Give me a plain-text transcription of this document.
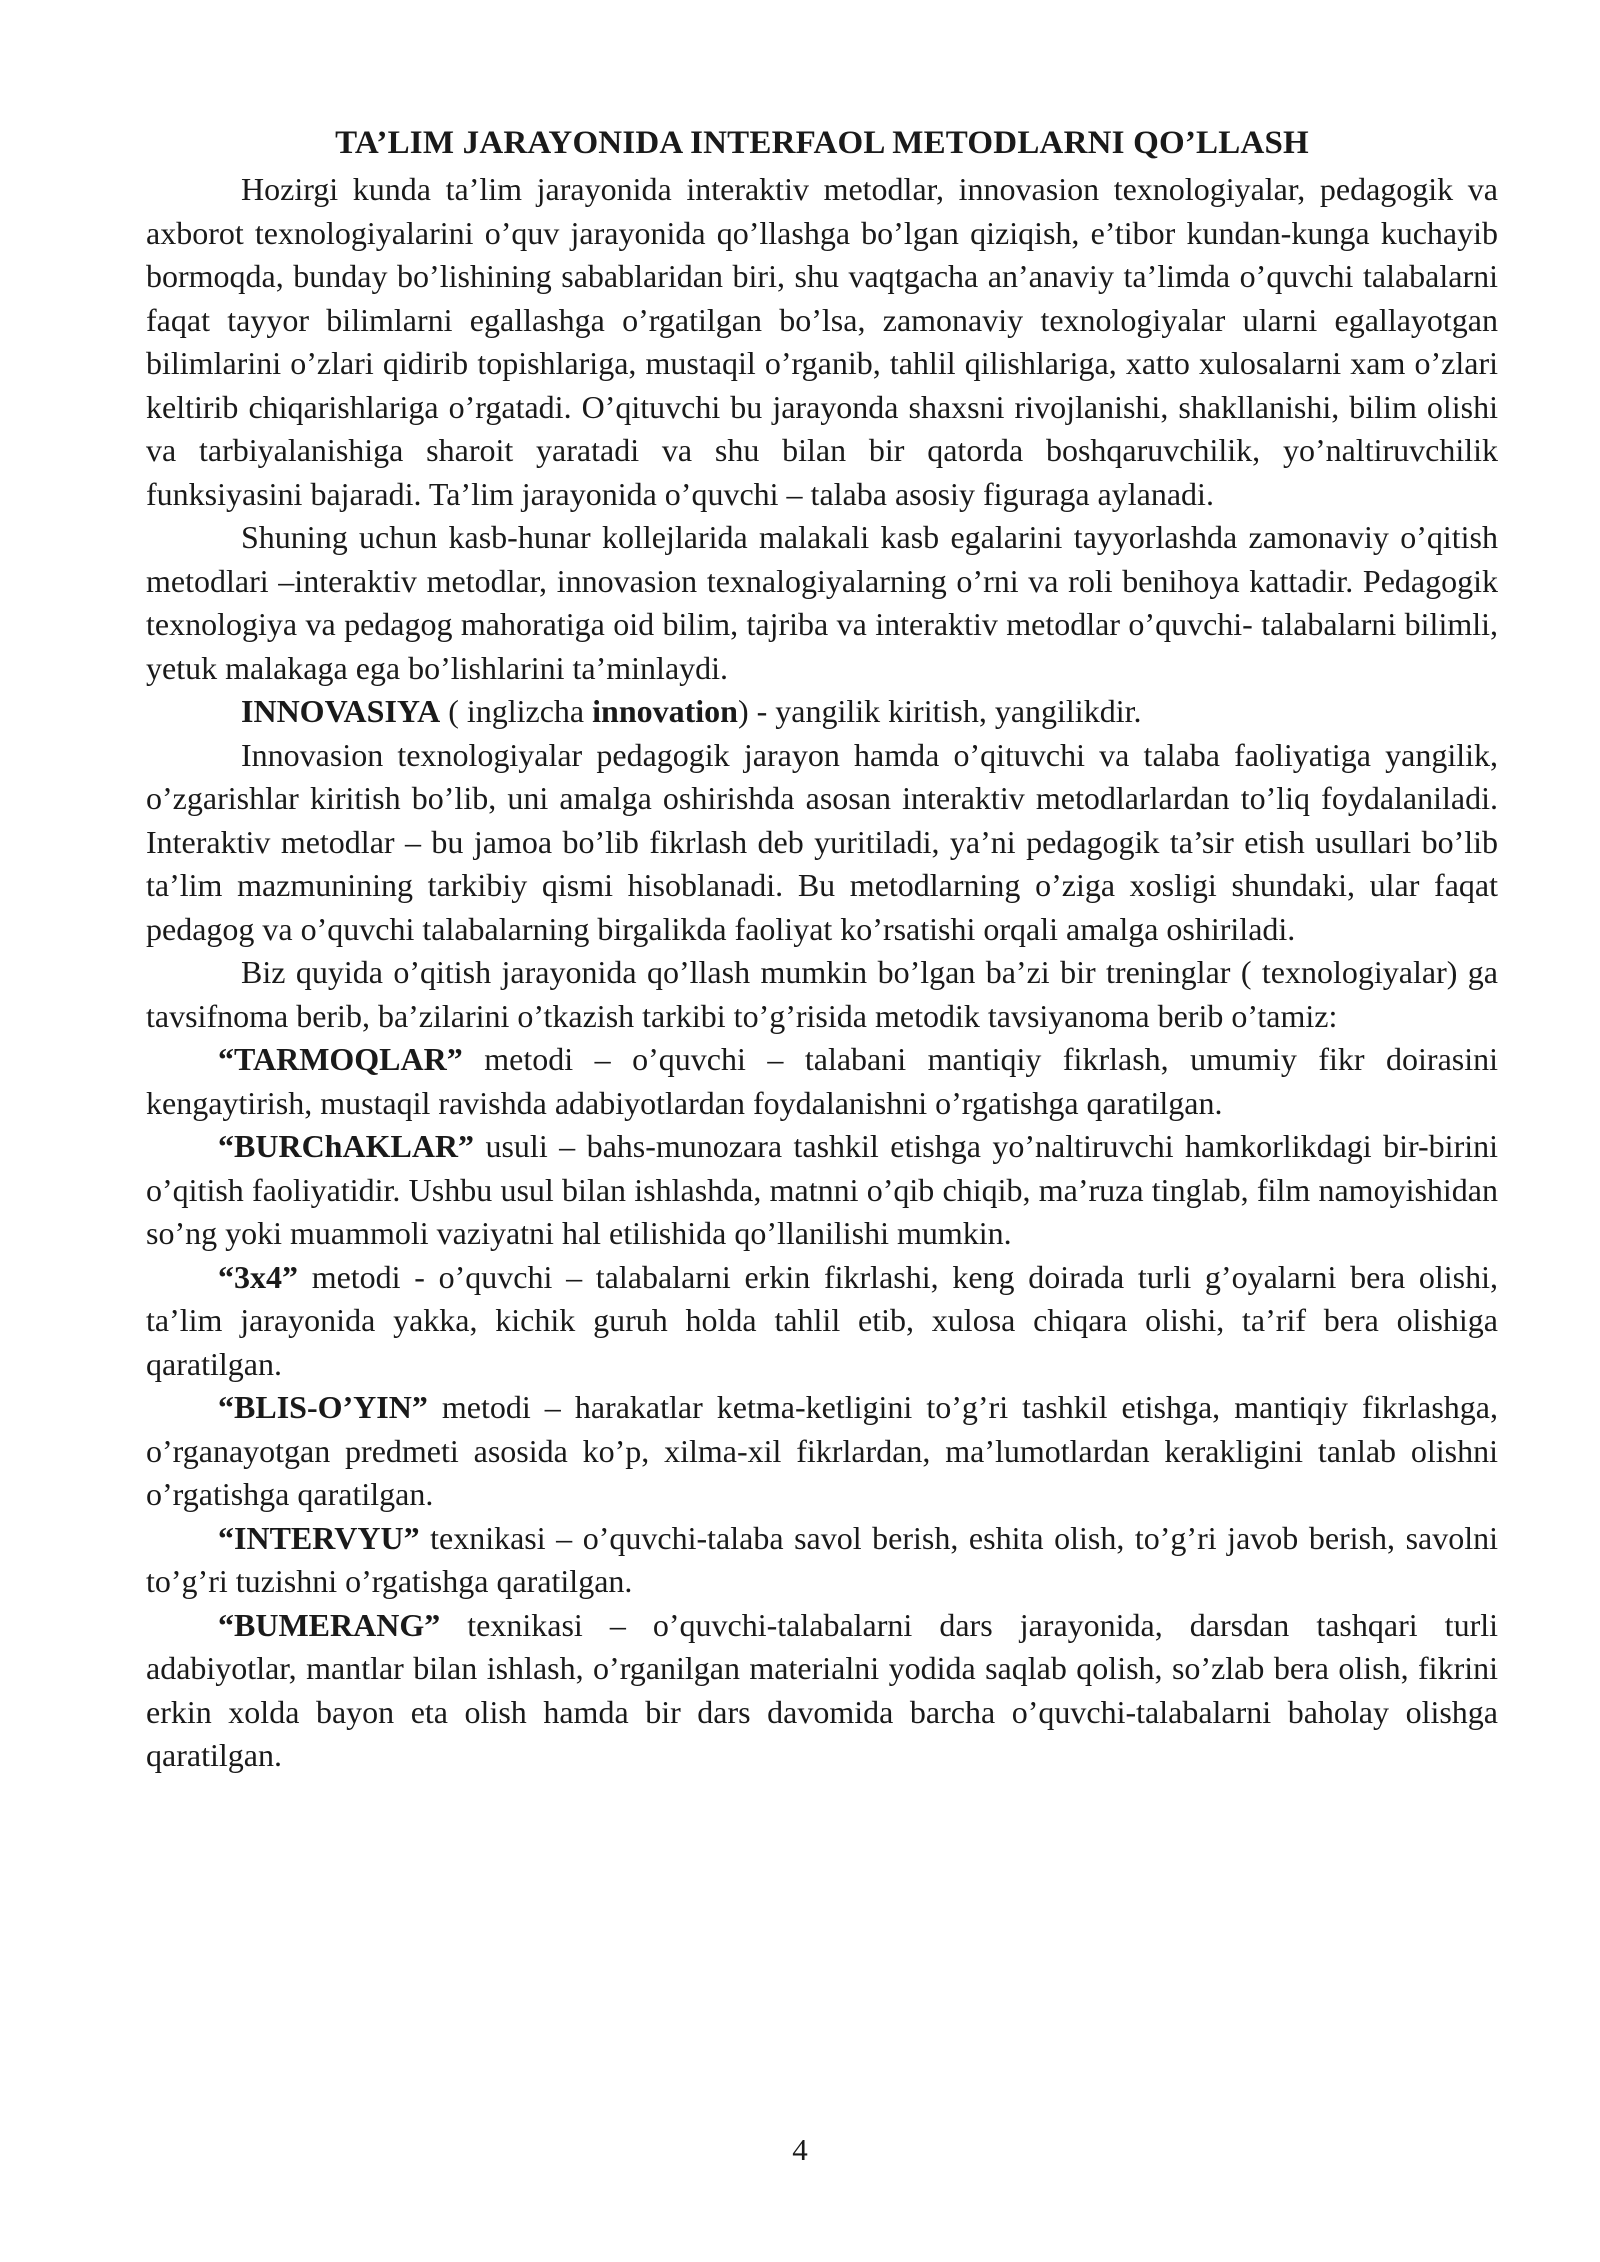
TA’LIM JARAYONIDA INTERFAOL METODLARNI QO’LLASH

Hozirgi kunda ta’lim jarayonida interaktiv metodlar, innovasion texnologiyalar, pedagogik va axborot texnologiyalarini o’quv jarayonida qo’llashga bo’lgan qiziqish, e’tibor kundan-kunga kuchayib bormoqda, bunday bo’lishining sabablaridan biri, shu vaqtgacha an’anaviy ta’limda o’quvchi talabalarni faqat tayyor bilimlarni egallashga o’rgatilgan bo’lsa, zamonaviy texnologiyalar ularni egallayotgan bilimlarini o’zlari qidirib topishlariga, mustaqil o’rganib, tahlil qilishlariga, xatto xulosalarni xam o’zlari keltirib chiqarishlariga o’rgatadi. O’qituvchi bu jarayonda shaxsni rivojlanishi, shakllanishi, bilim olishi va tarbiyalanishiga sharoit yaratadi va shu bilan bir qatorda boshqaruvchilik, yo’naltiruvchilik funksiyasini bajaradi. Ta’lim jarayonida o’quvchi – talaba asosiy figuraga aylanadi.

Shuning uchun kasb-hunar kollejlarida malakali kasb egalarini tayyorlashda zamonaviy o’qitish metodlari –interaktiv metodlar, innovasion texnalogiyalarning o’rni va roli benihoya kattadir. Pedagogik texnologiya va pedagog mahoratiga oid bilim, tajriba va interaktiv metodlar o’quvchi- talabalarni bilimli, yetuk malakaga ega bo’lishlarini ta’minlaydi.

INNOVASIYA ( inglizcha innovation) - yangilik kiritish, yangilikdir.

Innovasion texnologiyalar pedagogik jarayon hamda o’qituvchi va talaba faoliyatiga yangilik, o’zgarishlar kiritish bo’lib, uni amalga oshirishda asosan interaktiv metodlarlardan to’liq foydalaniladi. Interaktiv metodlar – bu jamoa bo’lib fikrlash deb yuritiladi, ya’ni pedagogik ta’sir etish usullari bo’lib ta’lim mazmunining tarkibiy qismi hisoblanadi. Bu metodlarning o’ziga xosligi shundaki, ular faqat pedagog va o’quvchi talabalarning birgalikda faoliyat ko’rsatishi orqali amalga oshiriladi.

Biz quyida o’qitish jarayonida qo’llash mumkin bo’lgan ba’zi bir treninglar ( texnologiyalar) ga tavsifnoma berib, ba’zilarini o’tkazish tarkibi to’g’risida metodik tavsiyanoma berib o’tamiz:

“TARMOQLAR” metodi – o’quvchi – talabani mantiqiy fikrlash, umumiy fikr doirasini kengaytirish, mustaqil ravishda adabiyotlardan foydalanishni o’rgatishga qaratilgan.

“BURChAKLAR” usuli – bahs-munozara tashkil etishga yo’naltiruvchi hamkorlikdagi bir-birini o’qitish faoliyatidir. Ushbu usul bilan ishlashda, matnni o’qib chiqib, ma’ruza tinglab, film namoyishidan so’ng yoki muammoli vaziyatni hal etilishida qo’llanilishi mumkin.

“3x4” metodi - o’quvchi – talabalarni erkin fikrlashi, keng doirada turli g’oyalarni bera olishi, ta’lim jarayonida yakka, kichik guruh holda tahlil etib, xulosa chiqara olishi, ta’rif bera olishiga qaratilgan.

“BLIS-O’YIN” metodi – harakatlar ketma-ketligini to’g’ri tashkil etishga, mantiqiy fikrlashga, o’rganayotgan predmeti asosida ko’p, xilma-xil fikrlardan, ma’lumotlardan kerakligini tanlab olishni o’rgatishga qaratilgan.

“INTERVYU” texnikasi – o’quvchi-talaba savol berish, eshita olish, to’g’ri javob berish, savolni to’g’ri tuzishni o’rgatishga qaratilgan.

“BUMERANG” texnikasi – o’quvchi-talabalarni dars jarayonida, darsdan tashqari turli adabiyotlar, mantlar bilan ishlash, o’rganilgan materialni yodida saqlab qolish, so’zlab bera olish, fikrini erkin xolda bayon eta olish hamda bir dars davomida barcha o’quvchi-talabalarni baholay olishga qaratilgan.

4
